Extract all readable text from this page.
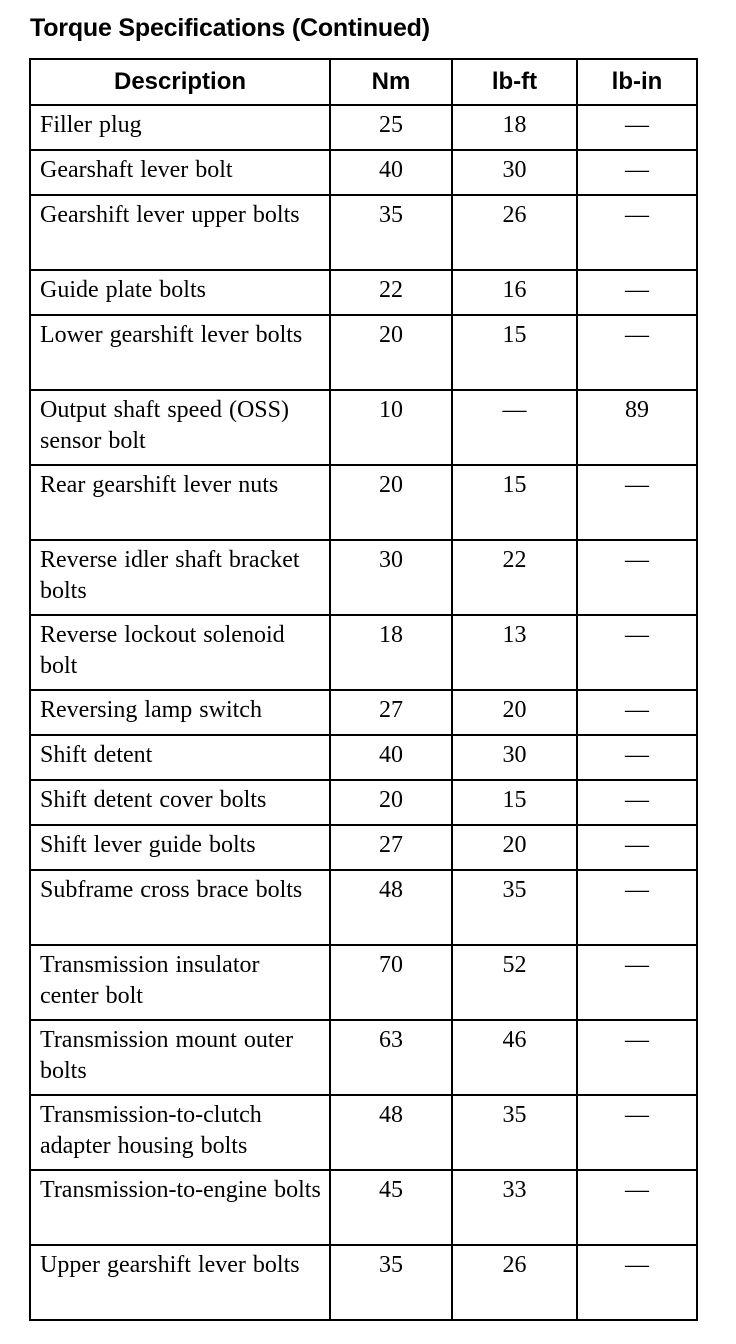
Torque Specifications (Continued)
Description	Nm	lb-ft	lb-in
Filler plug	25	18	—
Gearshaft lever bolt	40	30	—
Gearshift lever upper bolts	35	26	—
Guide plate bolts	22	16	—
Lower gearshift lever bolts	20	15	—
Output shaft speed (OSS) sensor bolt	10	—	89
Rear gearshift lever nuts	20	15	—
Reverse idler shaft bracket bolts	30	22	—
Reverse lockout solenoid bolt	18	13	—
Reversing lamp switch	27	20	—
Shift detent	40	30	—
Shift detent cover bolts	20	15	—
Shift lever guide bolts	27	20	—
Subframe cross brace bolts	48	35	—
Transmission insulator center bolt	70	52	—
Transmission mount outer bolts	63	46	—
Transmission-to-clutch adapter housing bolts	48	35	—
Transmission-to-engine bolts	45	33	—
Upper gearshift lever bolts	35	26	—
